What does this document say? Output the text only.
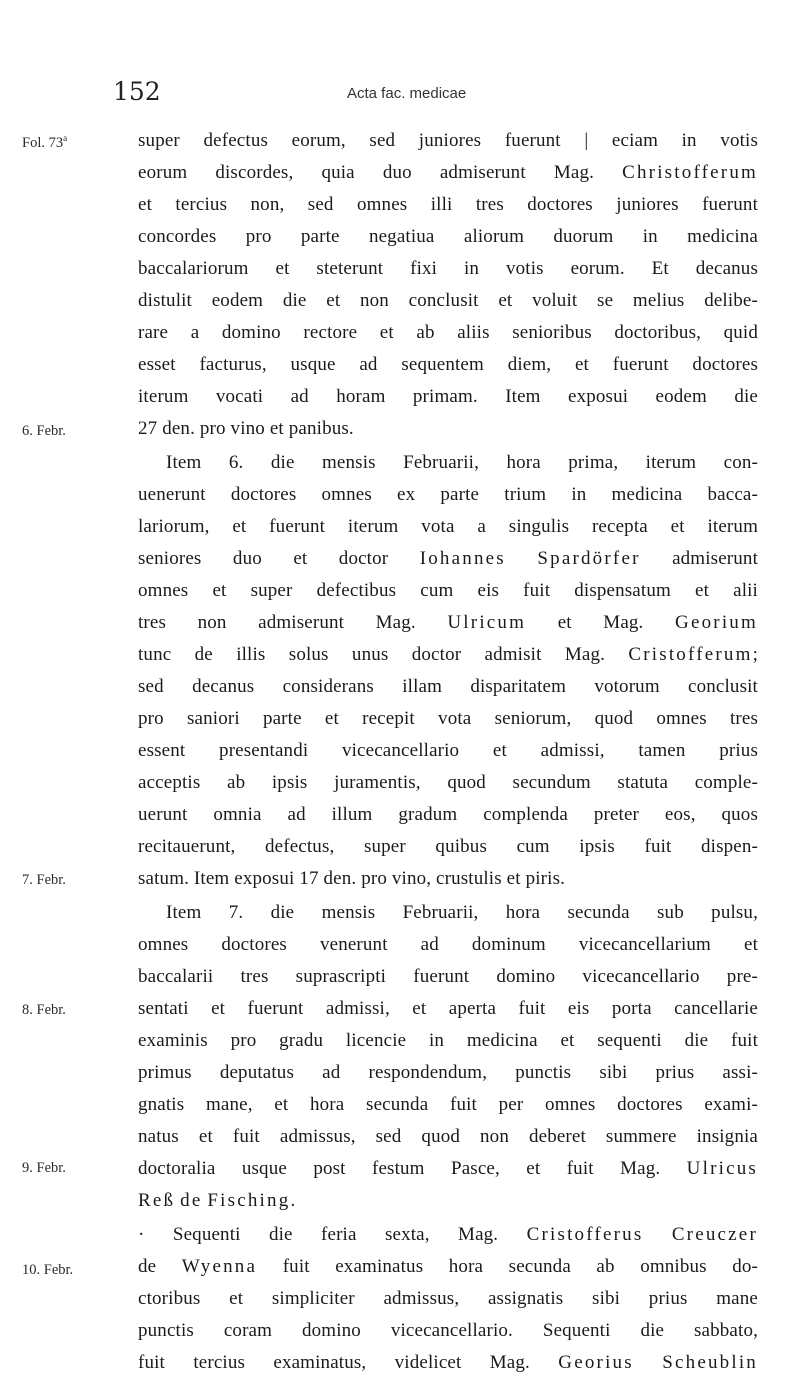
152	Acta fac. medicae
Fol. 73$^a$
6. Febr.
7. Febr.
8. Febr.
9. Febr.
10. Febr.
super defectus eorum, sed juniores fuerunt | eciam in votis
eorum discordes, quia duo admiserunt Mag. Christofferum
et tercius non, sed omnes illi tres doctores juniores fuerunt
concordes pro parte negatiua aliorum duorum in medicina
baccalariorum et steterunt fixi in votis eorum. Et decanus
distulit eodem die et non conclusit et voluit se melius delibe-
rare a domino rectore et ab aliis senioribus doctoribus, quid
esset facturus, usque ad sequentem diem, et fuerunt doctores
iterum vocati ad horam primam. Item exposui eodem die
27 den. pro vino et panibus.
Item 6. die mensis Februarii, hora prima, iterum con-
uenerunt doctores omnes ex parte trium in medicina bacca-
lariorum, et fuerunt iterum vota a singulis recepta et iterum
seniores duo et doctor Iohannes Spardörfer admiserunt
omnes et super defectibus cum eis fuit dispensatum et alii
tres non admiserunt Mag. Ulricum et Mag. Georium
tunc de illis solus unus doctor admisit Mag. Cristofferum;
sed decanus considerans illam disparitatem votorum conclusit
pro saniori parte et recepit vota seniorum, quod omnes tres
essent presentandi vicecancellario et admissi, tamen prius
acceptis ab ipsis juramentis, quod secundum statuta comple-
uerunt omnia ad illum gradum complenda preter eos, quos
recitauerunt, defectus, super quibus cum ipsis fuit dispen-
satum. Item exposui 17 den. pro vino, crustulis et piris.
Item 7. die mensis Februarii, hora secunda sub pulsu,
omnes doctores venerunt ad dominum vicecancellarium et
baccalarii tres suprascripti fuerunt domino vicecancellario pre-
sentati et fuerunt admissi, et aperta fuit eis porta cancellarie
examinis pro gradu licencie in medicina et sequenti die fuit
primus deputatus ad respondendum, punctis sibi prius assi-
gnatis mane, et hora secunda fuit per omnes doctores exami-
natus et fuit admissus, sed quod non deberet summere insignia
doctoralia usque post festum Pasce, et fuit Mag. Ulricus
Reß de Fisching.
· Sequenti die feria sexta, Mag. Cristofferus Creuczer
de Wyenna fuit examinatus hora secunda ab omnibus do-
ctoribus et simpliciter admissus, assignatis sibi prius mane
punctis coram domino vicecancellario. Sequenti die sabbato,
fuit tercius examinatus, videlicet Mag. Georius Scheublin
